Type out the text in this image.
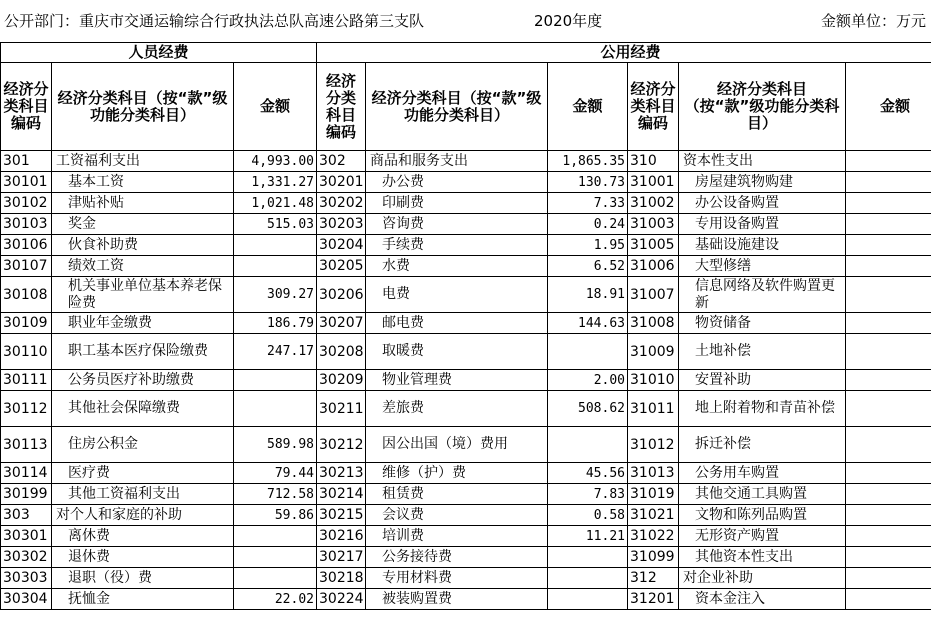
公开部门：重庆市交通运输综合行政执法总队高速公路第三支队	2020年度	金额单位：万元
人员经费			公用经费					
经济分类科目编码	经济分类科目（按“款”级功能分类科目）	金额	经济分类科目编码	经济分类科目（按“款”级功能分类科目）	金额	经济分类科目编码	经济分类科目（按“款”级功能分类科目）	金额
301	工资福利支出	4,993.00	302	商品和服务支出	1,865.35	310	资本性支出	
30101	基本工资	1,331.27	30201	办公费	130.73	31001	房屋建筑物购建	
30102	津贴补贴	1,021.48	30202	印刷费	7.33	31002	办公设备购置	
30103	奖金	515.03	30203	咨询费	0.24	31003	专用设备购置	
30106	伙食补助费		30204	手续费	1.95	31005	基础设施建设	
30107	绩效工资		30205	水费	6.52	31006	大型修缮	
30108	机关事业单位基本养老保险费	309.27	30206	电费	18.91	31007	信息网络及软件购置更新	
30109	职业年金缴费	186.79	30207	邮电费	144.63	31008	物资储备	
30110	职工基本医疗保险缴费	247.17	30208	取暖费		31009	土地补偿	
30111	公务员医疗补助缴费		30209	物业管理费	2.00	31010	安置补助	
30112	其他社会保障缴费		30211	差旅费	508.62	31011	地上附着物和青苗补偿	
30113	住房公积金	589.98	30212	因公出国（境）费用		31012	拆迁补偿	
30114	医疗费	79.44	30213	维修（护）费	45.56	31013	公务用车购置	
30199	其他工资福利支出	712.58	30214	租赁费	7.83	31019	其他交通工具购置	
303	对个人和家庭的补助	59.86	30215	会议费	0.58	31021	文物和陈列品购置	
30301	离休费		30216	培训费	11.21	31022	无形资产购置	
30302	退休费		30217	公务接待费		31099	其他资本性支出	
30303	退职（役）费		30218	专用材料费		312	对企业补助	
30304	抚恤金	22.02	30224	被装购置费		31201	资本金注入	
